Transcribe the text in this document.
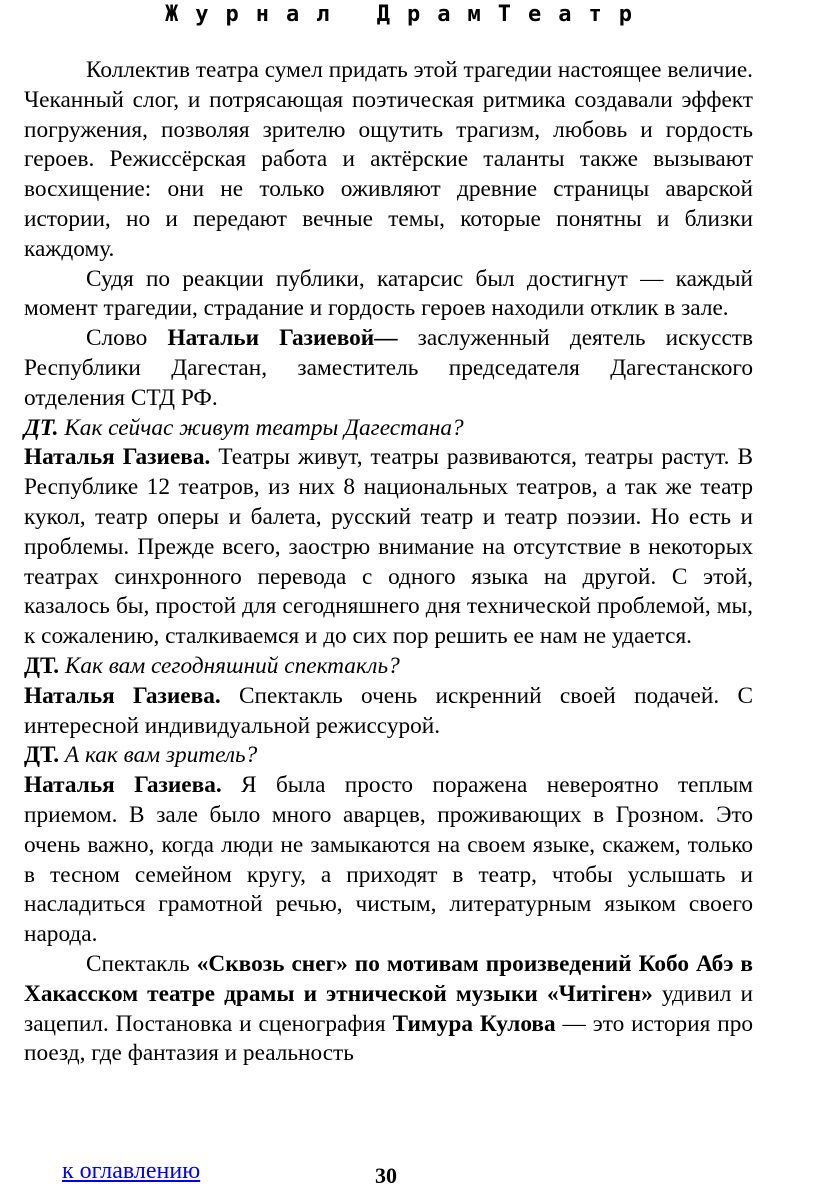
Журнал ДрамТеатр

Коллектив театра сумел придать этой трагедии настоящее величие. Чеканный слог, и потрясающая поэтическая ритмика создавали эффект погружения, позволяя зрителю ощутить трагизм, любовь и гордость героев. Режиссёрская работа и актёрские таланты также вызывают восхищение: они не только оживляют древние страницы аварской истории, но и передают вечные темы, которые понятны и близки каждому.

Судя по реакции публики, катарсис был достигнут — каждый момент трагедии, страдание и гордость героев находили отклик в зале.

Слово Натальи Газиевой— заслуженный деятель искусств Республики Дагестан, заместитель председателя Дагестанского отделения СТД РФ.

ДТ. Как сейчас живут театры Дагестана?

Наталья Газиева. Театры живут, театры развиваются, театры растут. В Республике 12 театров, из них 8 национальных театров, а так же театр кукол, театр оперы и балета, русский театр и театр поэзии. Но есть и проблемы. Прежде всего, заострю внимание на отсутствие в некоторых театрах синхронного перевода с одного языка на другой. С этой, казалось бы, простой для сегодняшнего дня технической проблемой, мы, к сожалению, сталкиваемся и до сих пор решить ее нам не удается.

ДТ. Как вам сегодняшний спектакль?

Наталья Газиева. Спектакль очень искренний своей подачей. С интересной индивидуальной режиссурой.

ДТ. А как вам зритель?

Наталья Газиева. Я была просто поражена невероятно теплым приемом. В зале было много аварцев, проживающих в Грозном. Это очень важно, когда люди не замыкаются на своем языке, скажем, только в тесном семейном кругу, а приходят в театр, чтобы услышать и насладиться грамотной речью, чистым, литературным языком своего народа.

Спектакль «Сквозь снег» по мотивам произведений Кобо Абэ в Хакасском театре драмы и этнической музыки «Читіген» удивил и зацепил. Постановка и сценография Тимура Кулова — это история про поезд, где фантазия и реальность

к оглавлению	30
